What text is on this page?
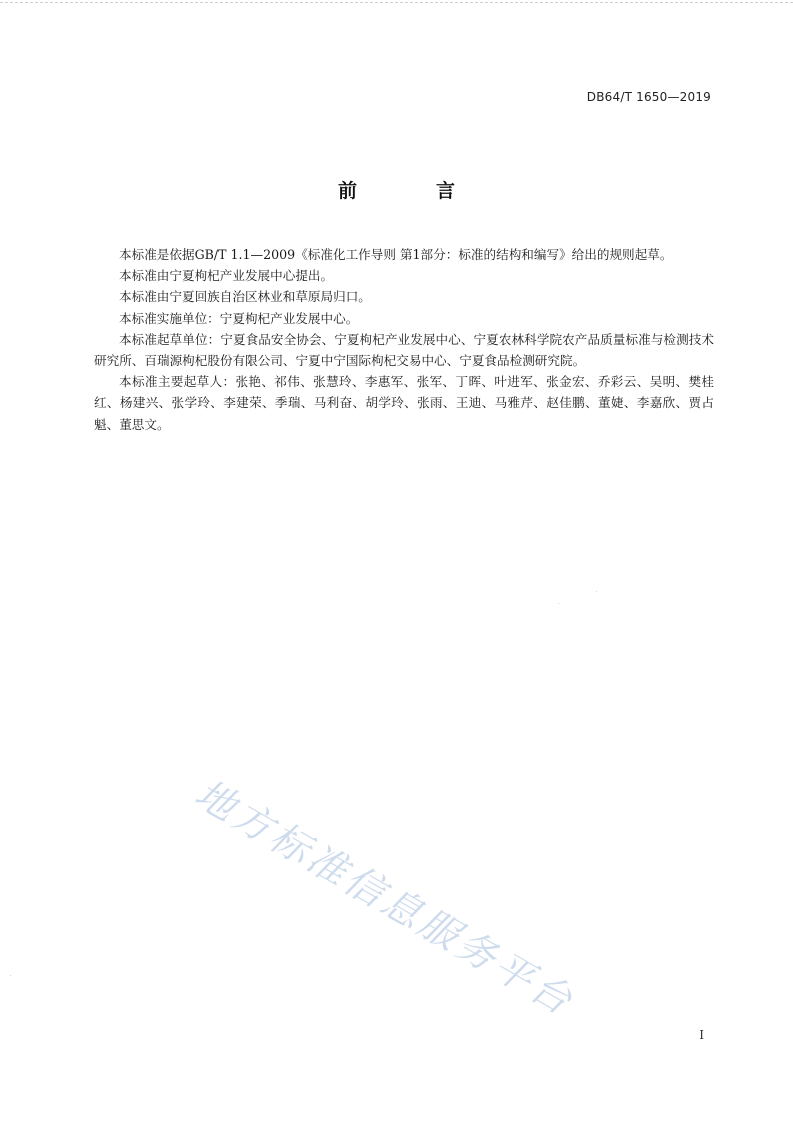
DB64/T 1650—2019
前　言

本标准是依据GB/T 1.1—2009《标准化工作导则 第1部分：标准的结构和编写》给出的规则起草。

本标准由宁夏枸杞产业发展中心提出。

本标准由宁夏回族自治区林业和草原局归口。

本标准实施单位：宁夏枸杞产业发展中心。

本标准起草单位：宁夏食品安全协会、宁夏枸杞产业发展中心、宁夏农林科学院农产品质量标准与检测技术研究所、百瑞源枸杞股份有限公司、宁夏中宁国际枸杞交易中心、宁夏食品检测研究院。

本标准主要起草人：张艳、祁伟、张慧玲、李惠军、张军、丁晖、叶进军、张金宏、乔彩云、吴明、樊桂红、杨建兴、张学玲、李建荣、季瑞、马利奋、胡学玲、张雨、王迪、马雅芹、赵佳鹏、董婕、李嘉欣、贾占魁、董思文。

地方标准信息服务平台
I
